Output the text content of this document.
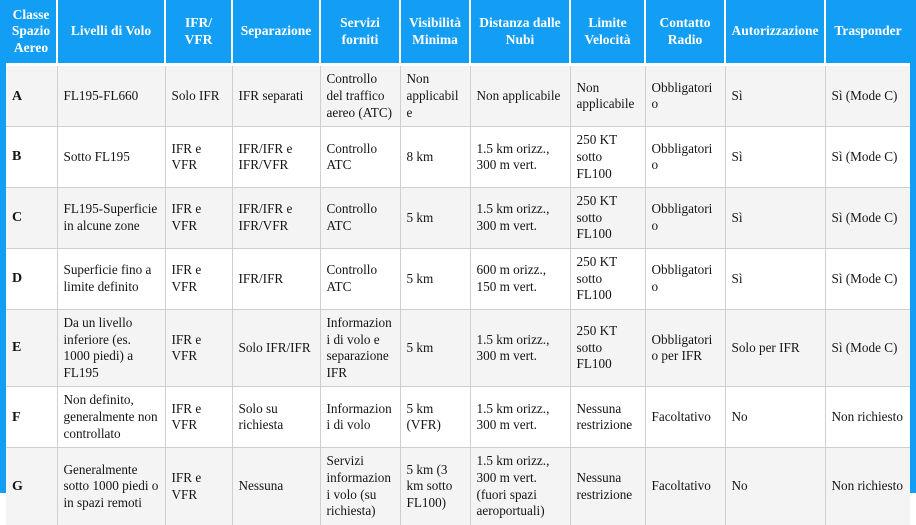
Classe Spazio Aereo	Livelli di Volo	IFR/ VFR	Separazione	Servizi forniti	Visibilità Minima	Distanza dalle Nubi	Limite Velocità	Contatto Radio	Autorizzazione	Trasponder
A	FL195-FL660	Solo IFR	IFR separati	Controllo del traffico aereo (ATC)	Non applicabile	Non applicabile	Non applicabile	Obbligatorio	Sì	Sì (Mode C)
B	Sotto FL195	IFR e VFR	IFR/IFR e IFR/VFR	Controllo ATC	8 km	1.5 km orizz., 300 m vert.	250 KT sotto FL100	Obbligatorio	Sì	Sì (Mode C)
C	FL195-Superficie in alcune zone	IFR e VFR	IFR/IFR e IFR/VFR	Controllo ATC	5 km	1.5 km orizz., 300 m vert.	250 KT sotto FL100	Obbligatorio	Sì	Sì (Mode C)
D	Superficie fino a limite definito	IFR e VFR	IFR/IFR	Controllo ATC	5 km	600 m orizz., 150 m vert.	250 KT sotto FL100	Obbligatorio	Sì	Sì (Mode C)
E	Da un livello inferiore (es. 1000 piedi) a FL195	IFR e VFR	Solo IFR/IFR	Informazioni di volo e separazione IFR	5 km	1.5 km orizz., 300 m vert.	250 KT sotto FL100	Obbligatorio per IFR	Solo per IFR	Sì (Mode C)
F	Non definito, generalmente non controllato	IFR e VFR	Solo su richiesta	Informazioni di volo	5 km (VFR)	1.5 km orizz., 300 m vert.	Nessuna restrizione	Facoltativo	No	Non richiesto
G	Generalmente sotto 1000 piedi o in spazi remoti	IFR e VFR	Nessuna	Servizi informazioni volo (su richiesta)	5 km (3 km sotto FL100)	1.5 km orizz., 300 m vert. (fuori spazi aeroportuali)	Nessuna restrizione	Facoltativo	No	Non richiesto
